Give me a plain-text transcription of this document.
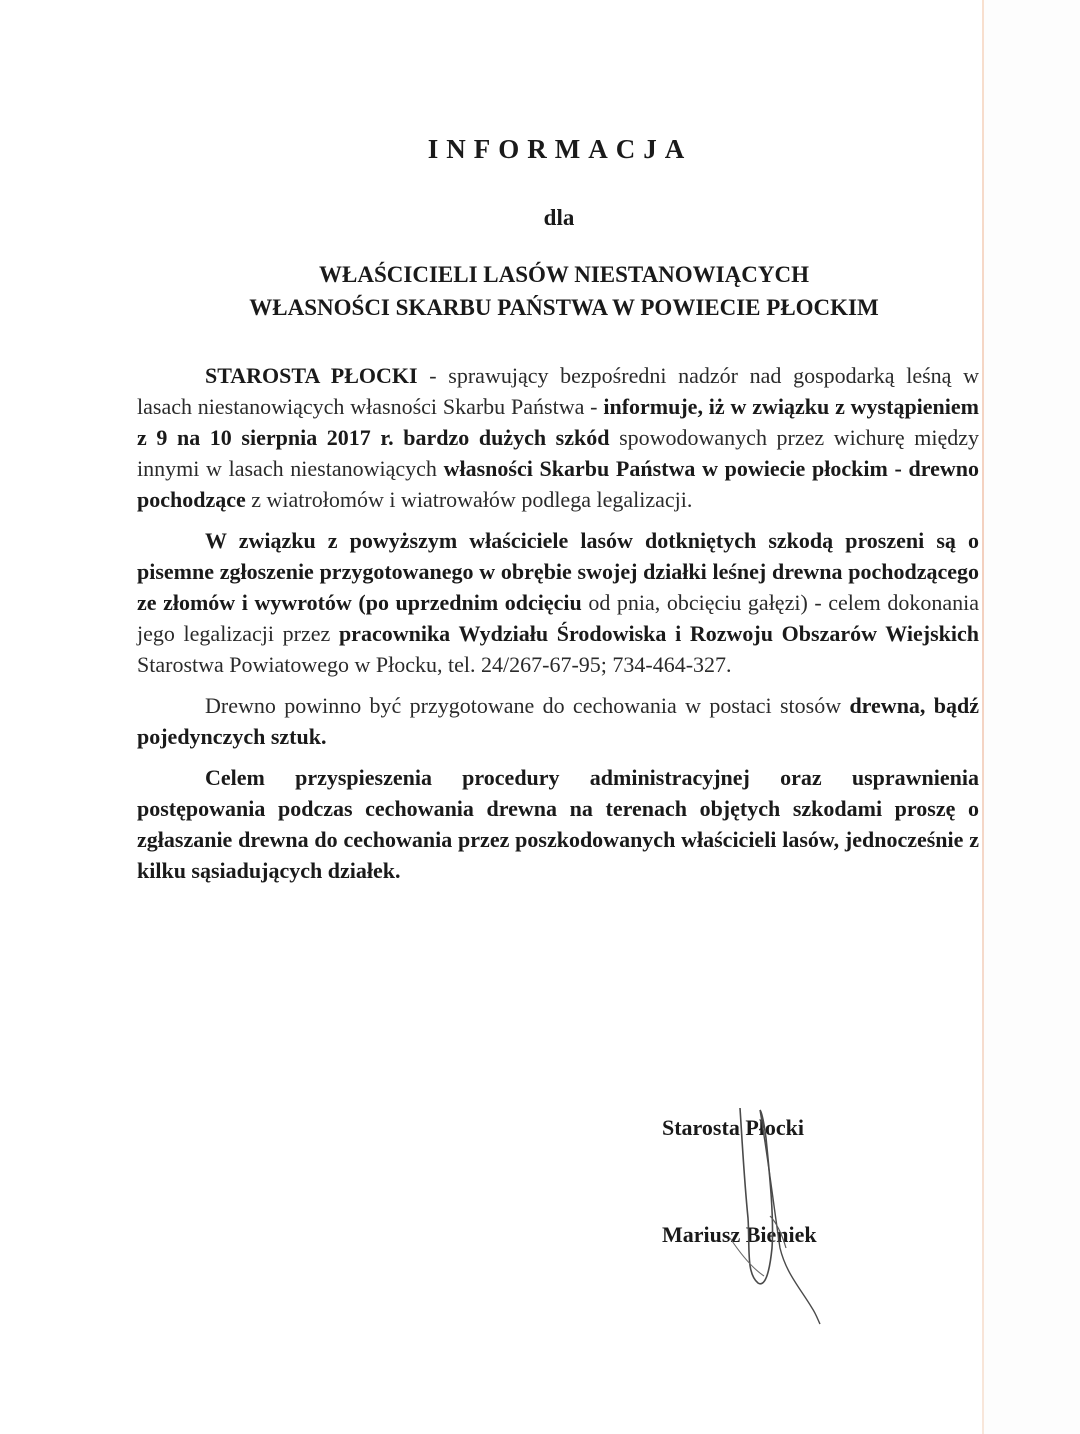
INFORMACJA
dla
WŁAŚCICIELI LASÓW NIESTANOWIĄCYCH
WŁASNOŚCI SKARBU PAŃSTWA W POWIECIE PŁOCKIM

STAROSTA PŁOCKI - sprawujący bezpośredni nadzór nad gospodarką leśną w lasach niestanowiących własności Skarbu Państwa - informuje, iż w związku z wystąpieniem z 9 na 10 sierpnia 2017 r. bardzo dużych szkód spowodowanych przez wichurę między innymi w lasach niestanowiących własności Skarbu Państwa w powiecie płockim - drewno pochodzące z wiatrołomów i wiatrowałów podlega legalizacji.

W związku z powyższym właściciele lasów dotkniętych szkodą proszeni są o pisemne zgłoszenie przygotowanego w obrębie swojej działki leśnej drewna pochodzącego ze złomów i wywrotów (po uprzednim odcięciu od pnia, obcięciu gałęzi) - celem dokonania jego legalizacji przez pracownika Wydziału Środowiska i Rozwoju Obszarów Wiejskich Starostwa Powiatowego w Płocku, tel. 24/267-67-95; 734-464-327.

Drewno powinno być przygotowane do cechowania w postaci stosów drewna, bądź pojedynczych sztuk.

Celem przyspieszenia procedury administracyjnej oraz usprawnienia postępowania podczas cechowania drewna na terenach objętych szkodami proszę o zgłaszanie drewna do cechowania przez poszkodowanych właścicieli lasów, jednocześnie z kilku sąsiadujących działek.

Starosta Płocki
Mariusz Bieniek
